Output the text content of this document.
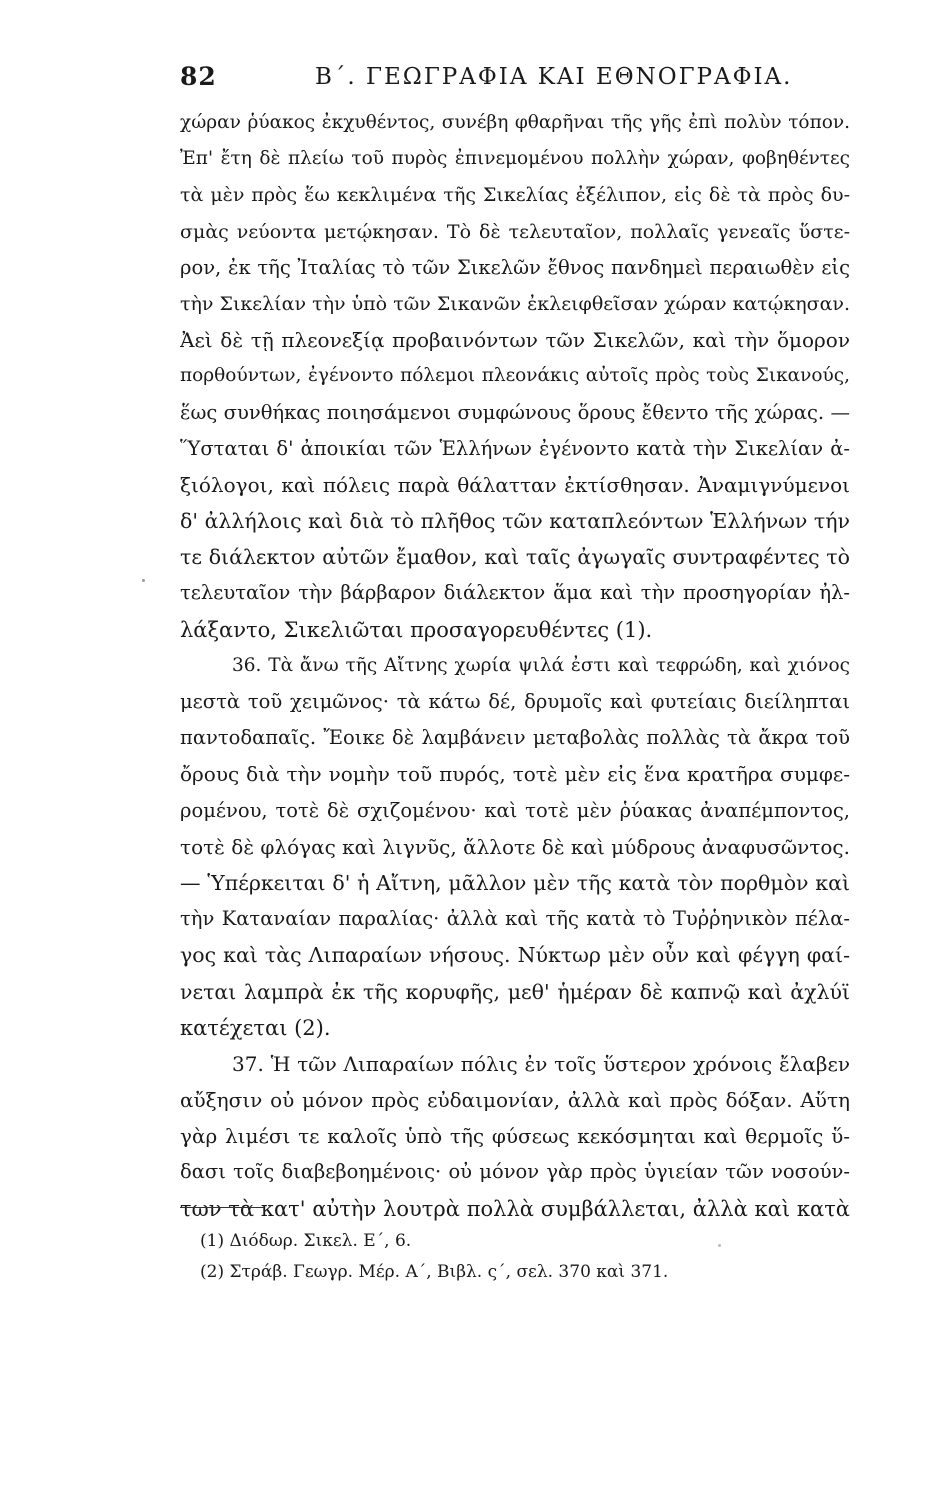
82	Β΄. ΓΕΩΓΡΑΦΙΑ ΚΑΙ ΕΘΝΟΓΡΑΦΙΑ.
χώραν ῥύακος ἐκχυθέντος, συνέβη φθαρῆναι τῆς γῆς ἐπὶ πολὺν τόπον.
Ἐπ' ἔτη δὲ πλείω τοῦ πυρὸς ἐπινεμομένου πολλὴν χώραν, φοβηθέντες
τὰ μὲν πρὸς ἕω κεκλιμένα τῆς Σικελίας ἐξέλιπον, εἰς δὲ τὰ πρὸς δυ-
σμὰς νεύοντα μετῴκησαν. Τὸ δὲ τελευταῖον, πολλαῖς γενεαῖς ὕστε-
ρον, ἐκ τῆς Ἰταλίας τὸ τῶν Σικελῶν ἔθνος πανδημεὶ περαιωθὲν εἰς
τὴν Σικελίαν τὴν ὑπὸ τῶν Σικανῶν ἐκλειφθεῖσαν χώραν κατῴκησαν.
Ἀεὶ δὲ τῇ πλεονεξίᾳ προβαινόντων τῶν Σικελῶν, καὶ τὴν ὅμορον
πορθούντων, ἐγένοντο πόλεμοι πλεονάκις αὐτοῖς πρὸς τοὺς Σικανούς,
ἕως συνθήκας ποιησάμενοι συμφώνους ὅρους ἔθεντο τῆς χώρας. —
Ὕσταται δ' ἀποικίαι τῶν Ἑλλήνων ἐγένοντο κατὰ τὴν Σικελίαν ἀ-
ξιόλογοι, καὶ πόλεις παρὰ θάλατταν ἐκτίσθησαν. Ἀναμιγνύμενοι
δ' ἀλλήλοις καὶ διὰ τὸ πλῆθος τῶν καταπλεόντων Ἑλλήνων τήν
τε διάλεκτον αὐτῶν ἔμαθον, καὶ ταῖς ἀγωγαῖς συντραφέντες τὸ
τελευταῖον τὴν βάρβαρον διάλεκτον ἅμα καὶ τὴν προσηγορίαν ἠλ-
λάξαντο, Σικελιῶται προσαγορευθέντες (1).
36. Τὰ ἄνω τῆς Αἴτνης χωρία ψιλά ἐστι καὶ τεφρώδη, καὶ χιόνος
μεστὰ τοῦ χειμῶνος· τὰ κάτω δέ, δρυμοῖς καὶ φυτείαις διείληπται
παντοδαπαῖς. Ἔοικε δὲ λαμβάνειν μεταβολὰς πολλὰς τὰ ἄκρα τοῦ
ὄρους διὰ τὴν νομὴν τοῦ πυρός, τοτὲ μὲν εἰς ἕνα κρατῆρα συμφε-
ρομένου, τοτὲ δὲ σχιζομένου· καὶ τοτὲ μὲν ῥύακας ἀναπέμποντος,
τοτὲ δὲ φλόγας καὶ λιγνῦς, ἄλλοτε δὲ καὶ μύδρους ἀναφυσῶντος.
— Ὑπέρκειται δ' ἡ Αἴτνη, μᾶλλον μὲν τῆς κατὰ τὸν πορθμὸν καὶ
τὴν Καταναίαν παραλίας· ἀλλὰ καὶ τῆς κατὰ τὸ Τυῤῥηνικὸν πέλα-
γος καὶ τὰς Λιπαραίων νήσους. Νύκτωρ μὲν οὖν καὶ φέγγη φαί-
νεται λαμπρὰ ἐκ τῆς κορυφῆς, μεθ' ἡμέραν δὲ καπνῷ καὶ ἀχλύϊ
κατέχεται (2).
37. Ἡ τῶν Λιπαραίων πόλις ἐν τοῖς ὕστερον χρόνοις ἔλαβεν
αὔξησιν οὐ μόνον πρὸς εὐδαιμονίαν, ἀλλὰ καὶ πρὸς δόξαν. Αὕτη
γὰρ λιμέσι τε καλοῖς ὑπὸ τῆς φύσεως κεκόσμηται καὶ θερμοῖς ὕ-
δασι τοῖς διαβεβοημένοις· οὐ μόνον γὰρ πρὸς ὑγιείαν τῶν νοσούν-
των τὰ κατ' αὐτὴν λουτρὰ πολλὰ συμβάλλεται, ἀλλὰ καὶ κατὰ
(1) Διόδωρ. Σικελ. Ε΄, 6.
(2) Στράβ. Γεωγρ. Μέρ. Α΄, Βιβλ. ς΄, σελ. 370 καὶ 371.
